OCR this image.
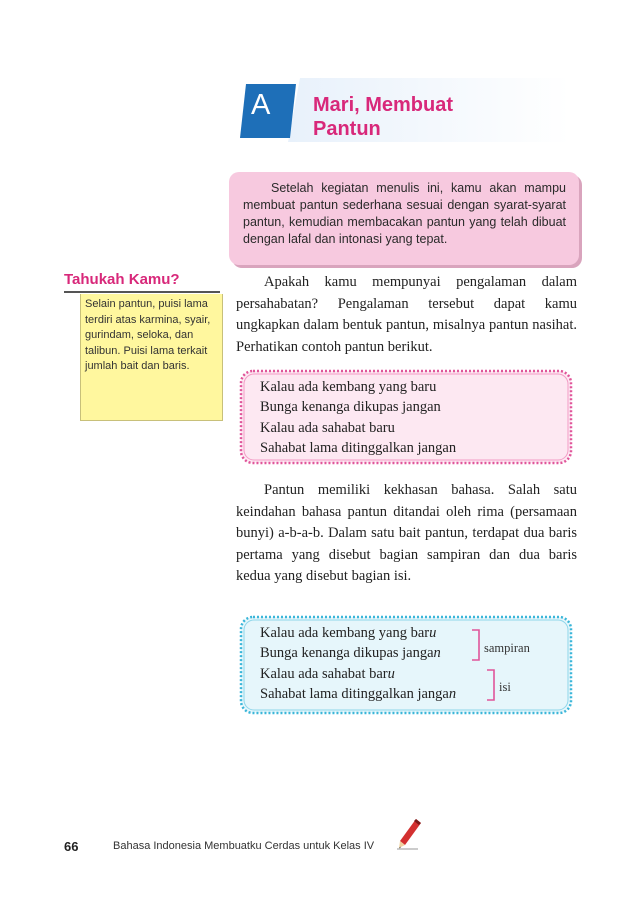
A Mari, Membuat
Pantun
Setelah kegiatan menulis ini, kamu akan mampu membuat pantun sederhana sesuai dengan syarat-syarat pantun, kemudian membacakan pantun yang telah dibuat dengan lafal dan intonasi yang tepat.
Tahukah Kamu?
Selain pantun, puisi lama terdiri atas karmina, syair, gurindam, seloka, dan talibun. Puisi lama terkait jumlah bait dan baris.
Apakah kamu mempunyai pengalaman dalam persahabatan? Pengalaman tersebut dapat kamu ungkapkan dalam bentuk pantun, misalnya pantun nasihat. Perhatikan contoh pantun berikut.
Kalau ada kembang yang baru
Bunga kenanga dikupas jangan
Kalau ada sahabat baru
Sahabat lama ditinggalkan jangan
Pantun memiliki kekhasan bahasa. Salah satu keindahan bahasa pantun ditandai oleh rima (persamaan bunyi) a-b-a-b. Dalam satu bait pantun, terdapat dua baris pertama yang disebut bagian sampiran dan dua baris kedua yang disebut bagian isi.
Kalau ada kembang yang baru
Bunga kenanga dikupas jangan
Kalau ada sahabat baru
Sahabat lama ditinggalkan jangan
sampiran
isi
66	Bahasa Indonesia Membuatku Cerdas untuk Kelas IV
